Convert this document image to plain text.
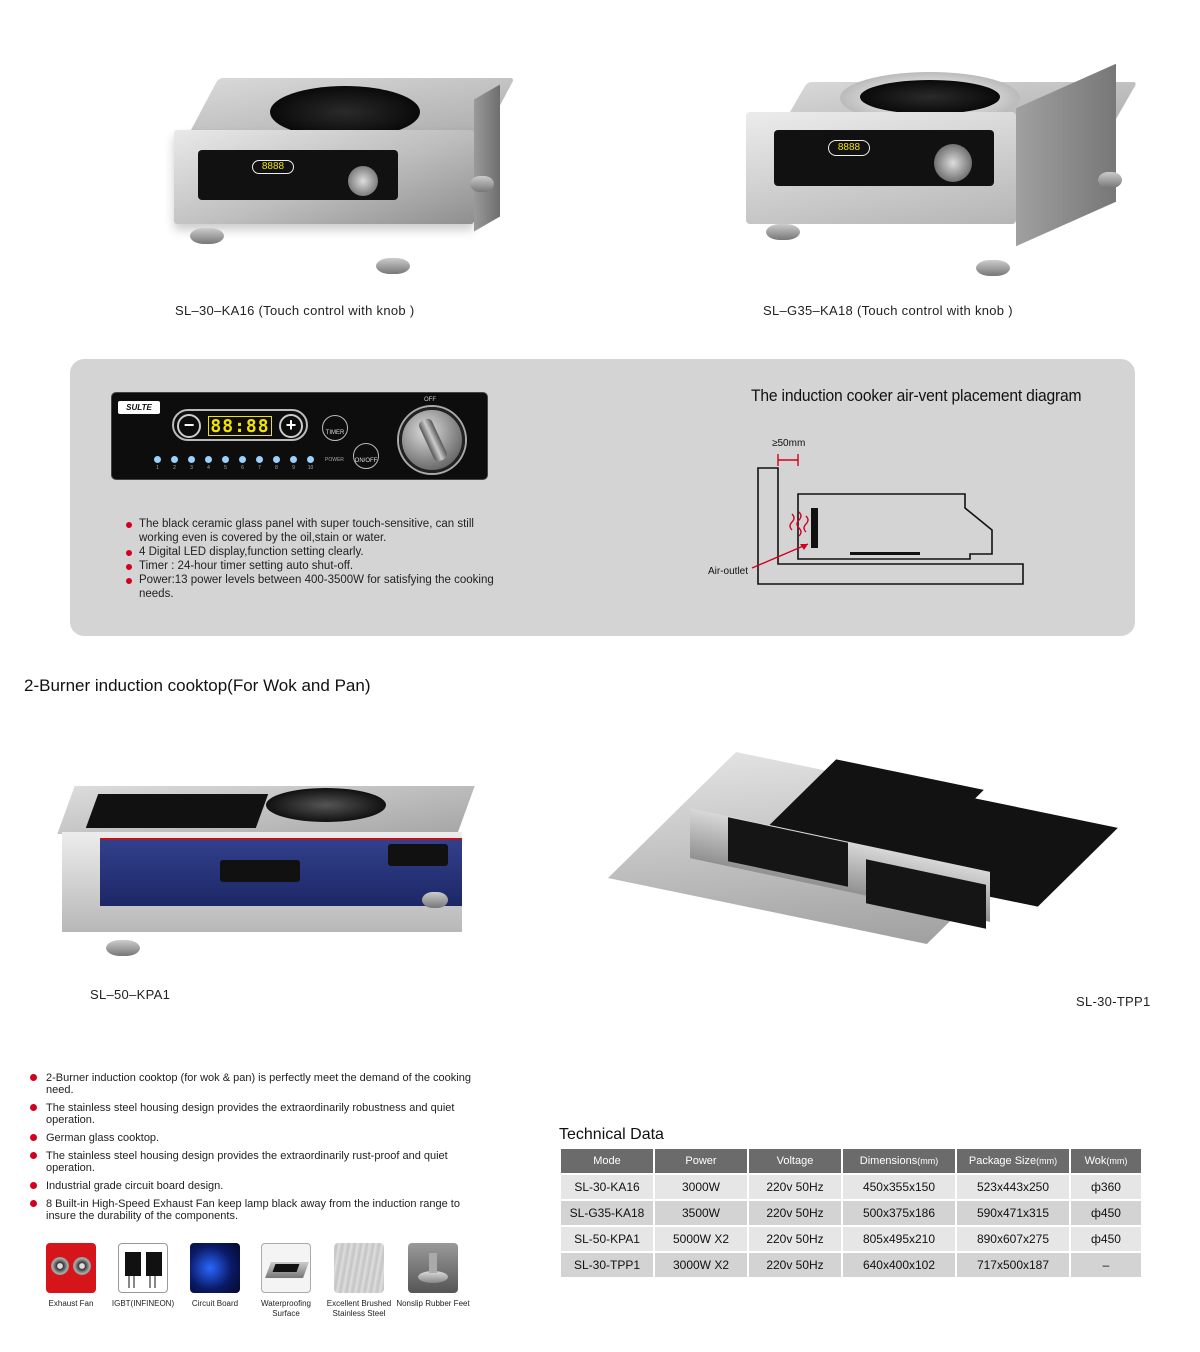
8888
SL–30–KA16 (Touch control with knob )
8888
SL–G35–KA18 (Touch control with knob )
SULTE
− 88:88 +	TIMER
ON/OFF
OFF
1	2	3	4	5	6	7	8	9	10
POWER
The black ceramic glass panel with super touch-sensitive, can still working even is covered by the oil,stain or water.
4 Digital LED display,function setting clearly.
Timer : 24-hour timer setting auto shut-off.
Power:13 power levels between 400-3500W for satisfying the cooking needs.
The induction cooker air-vent placement diagram
≥50mm
Air-outlet
2-Burner induction cooktop(For Wok and Pan)
SL–50–KPA1	SL-30-TPP1
2-Burner induction cooktop (for wok & pan) is perfectly meet the demand of the cooking need.
The stainless steel housing design provides the extraordinarily robustness and quiet operation.
German glass cooktop.
The stainless steel housing design provides the extraordinarily rust-proof and quiet operation.
Industrial grade circuit board design.
8 Built-in High-Speed Exhaust Fan keep lamp black away from the induction range to insure the durability of the components.
Exhaust Fan	IGBT(INFINEON)	Circuit Board	Waterproofing Surface
Excellent Brushed Stainless Steel
Nonslip Rubber Feet
Technical Data
Mode	Power	Voltage	Dimensions(mm)	Package Size(mm)	Wok(mm)
SL-30-KA16	3000W	220v 50Hz	450x355x150	523x443x250	ф360
SL-G35-KA18	3500W	220v 50Hz	500x375x186	590x471x315	ф450
SL-50-KPA1	5000W X2	220v 50Hz	805x495x210	890x607x275	ф450
SL-30-TPP1	3000W X2	220v 50Hz	640x400x102	717x500x187	–
